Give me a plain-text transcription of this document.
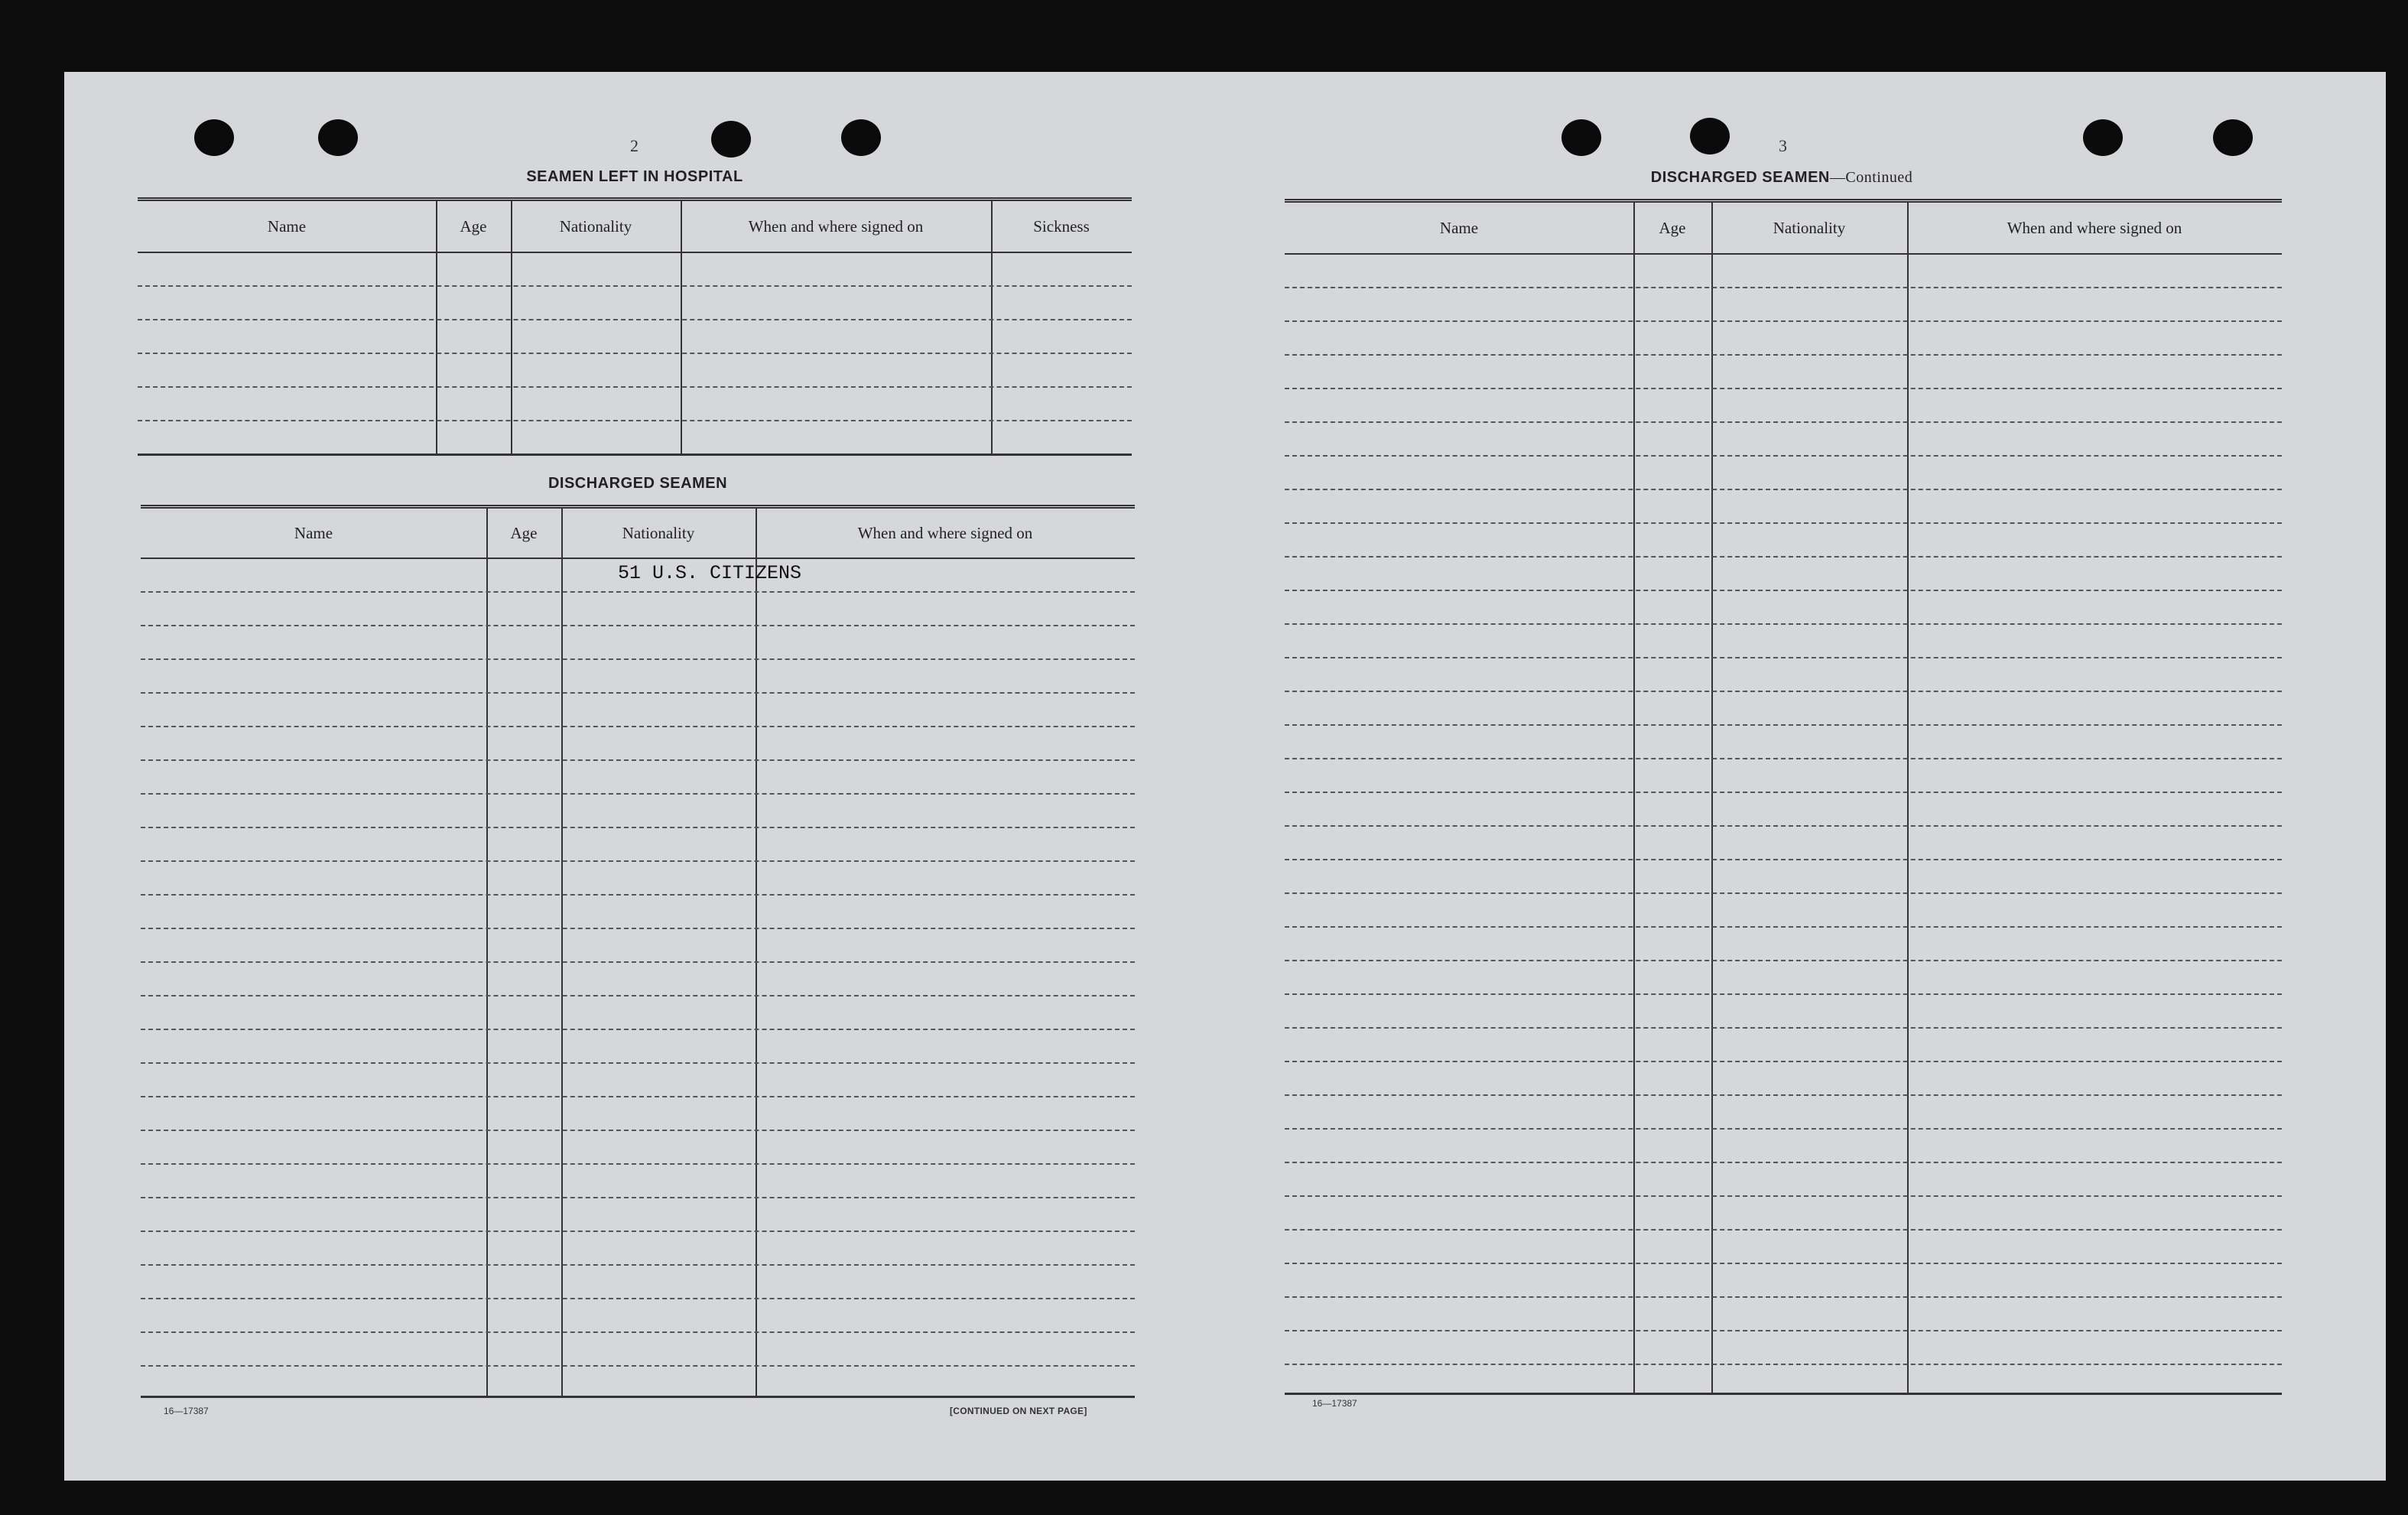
2
SEAMEN LEFT IN HOSPITAL
Name	Age	Nationality	When and where signed on	Sickness
DISCHARGED SEAMEN
Name	Age	Nationality	When and where signed on
51 U.S. CITIZENS
16—17387	[CONTINUED ON NEXT PAGE]
3
DISCHARGED SEAMEN—Continued
Name	Age	Nationality	When and where signed on
16—17387
